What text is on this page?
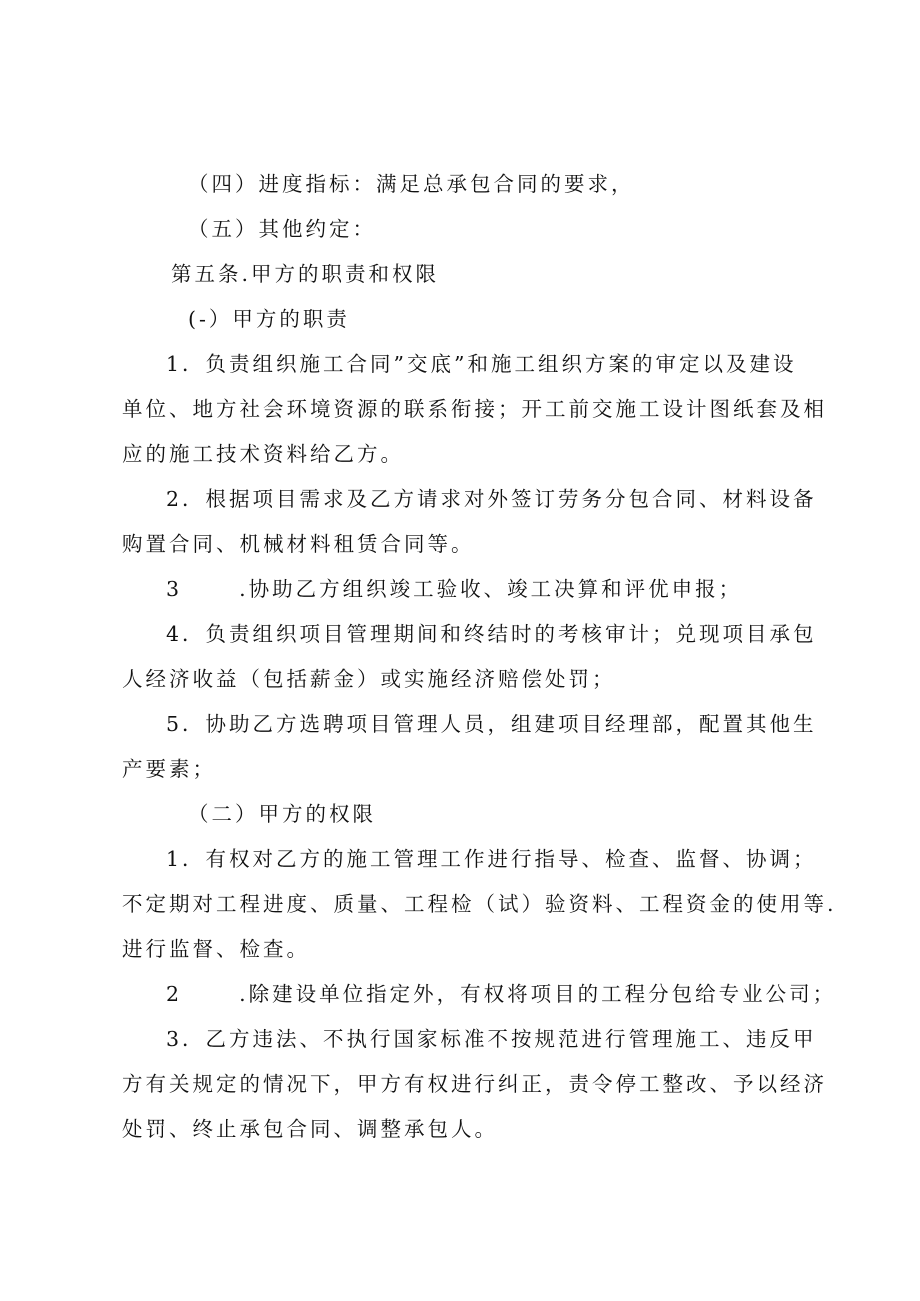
（四）进度指标：满足总承包合同的要求，
（五）其他约定：
第五条.甲方的职责和权限
(-）甲方的职责
1．负责组织施工合同”交底”和施工组织方案的审定以及建设
单位、地方社会环境资源的联系衔接；开工前交施工设计图纸套及相
应的施工技术资料给乙方。
2．根据项目需求及乙方请求对外签订劳务分包合同、材料设备
购置合同、机械材料租赁合同等。
3      .协助乙方组织竣工验收、竣工决算和评优申报；
4．负责组织项目管理期间和终结时的考核审计；兑现项目承包
人经济收益（包括薪金）或实施经济赔偿处罚；
5．协助乙方选聘项目管理人员，组建项目经理部，配置其他生
产要素；
（二）甲方的权限
1．有权对乙方的施工管理工作进行指导、检查、监督、协调；
不定期对工程进度、质量、工程检（试）验资料、工程资金的使用等.
进行监督、检查。
2      .除建设单位指定外，有权将项目的工程分包给专业公司；
3．乙方违法、不执行国家标准不按规范进行管理施工、违反甲
方有关规定的情况下，甲方有权进行纠正，责令停工整改、予以经济
处罚、终止承包合同、调整承包人。
